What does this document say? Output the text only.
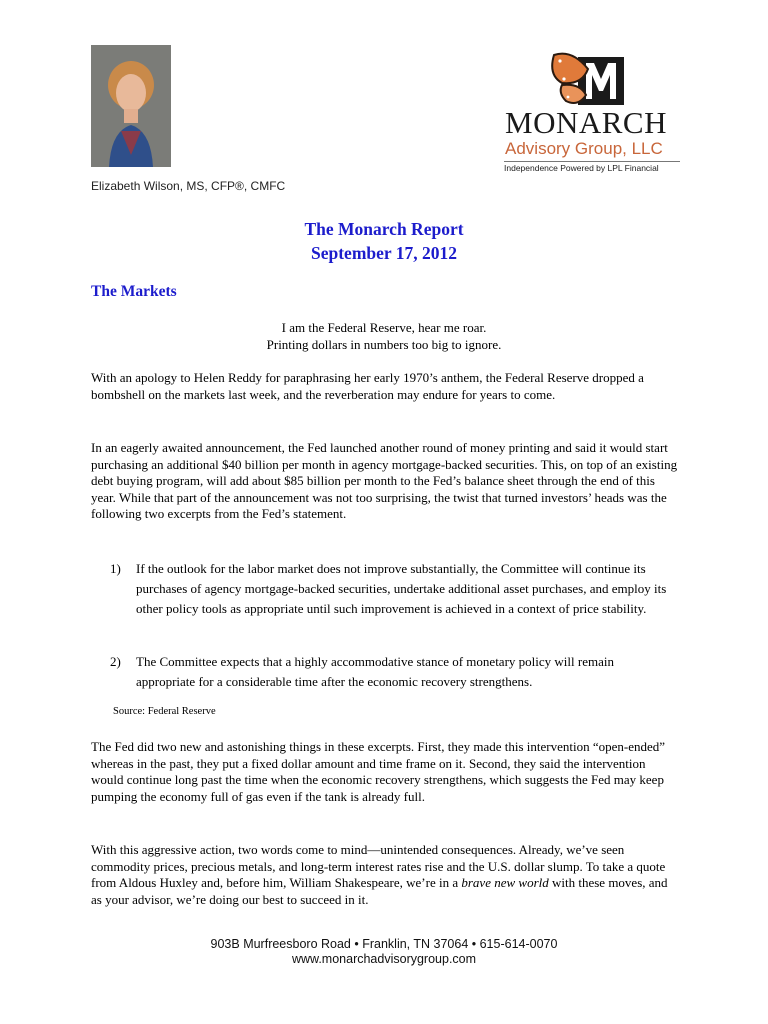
Elizabeth Wilson, MS, CFP®, CMFC
MONARCH
Advisory Group, LLC
Independence Powered by LPL Financial
The Monarch Report
September 17, 2012
The Markets
I am the Federal Reserve, hear me roar.
Printing dollars in numbers too big to ignore.

With an apology to Helen Reddy for paraphrasing her early 1970’s anthem, the Federal Reserve dropped a bombshell on the markets last week, and the reverberation may endure for years to come.

In an eagerly awaited announcement, the Fed launched another round of money printing and said it would start purchasing an additional $40 billion per month in agency mortgage-backed securities. This, on top of an existing debt buying program, will add about $85 billion per month to the Fed’s balance sheet through the end of this year. While that part of the announcement was not too surprising, the twist that turned investors’ heads was the following two excerpts from the Fed’s statement.

1) If the outlook for the labor market does not improve substantially, the Committee will continue its purchases of agency mortgage-backed securities, undertake additional asset purchases, and employ its other policy tools as appropriate until such improvement is achieved in a context of price stability.
2) The Committee expects that a highly accommodative stance of monetary policy will remain appropriate for a considerable time after the economic recovery strengthens.
Source: Federal Reserve

The Fed did two new and astonishing things in these excerpts. First, they made this intervention “open-ended” whereas in the past, they put a fixed dollar amount and time frame on it. Second, they said the intervention would continue long past the time when the economic recovery strengthens, which suggests the Fed may keep pumping the economy full of gas even if the tank is already full.

With this aggressive action, two words come to mind—unintended consequences. Already, we’ve seen commodity prices, precious metals, and long-term interest rates rise and the U.S. dollar slump. To take a quote from Aldous Huxley and, before him, William Shakespeare, we’re in a brave new world with these moves, and as your advisor, we’re doing our best to succeed in it.

903B Murfreesboro Road • Franklin, TN 37064 • 615-614-0070
www.monarchadvisorygroup.com
